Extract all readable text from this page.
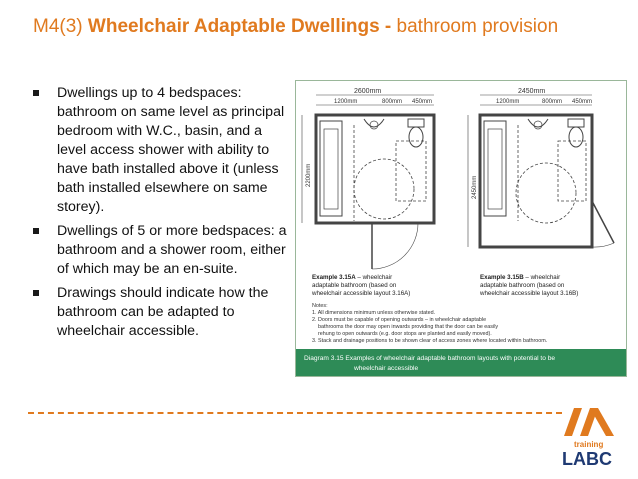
M4(3) Wheelchair Adaptable Dwellings - bathroom provision
Dwellings up to 4 bedspaces: bathroom on same level as principal bedroom with W.C., basin, and a level access shower with ability to have bath installed above it (unless bath installed elsewhere on same storey).
Dwellings of 5 or more bedspaces: a bathroom and a shower room, either of which may be an en-suite.
Drawings should indicate how the bathroom can be adapted to wheelchair accessible.
2600mm
1200mm	800mm 450mm
2200mm
2450mm
1200mm	800mm 450mm
2450mm
Example 3.15A – wheelchair
adaptable bathroom (based on
wheelchair accessible layout 3.16A)
Example 3.15B – wheelchair
adaptable bathroom (based on
wheelchair accessible layout 3.16B)
Notes:
1. All dimensions minimum unless otherwise stated.
2. Doors must be capable of opening outwards – in wheelchair adaptable
bathrooms the door may open inwards providing that the door can be easily
rehung to open outwards (e.g. door stops are planted and easily moved).
3. Stack and drainage positions to be shown clear of access zones where located within bathroom.
Diagram 3.15 Examples of wheelchair adaptable bathroom layouts with potential to be
wheelchair accessible
training
LABC
